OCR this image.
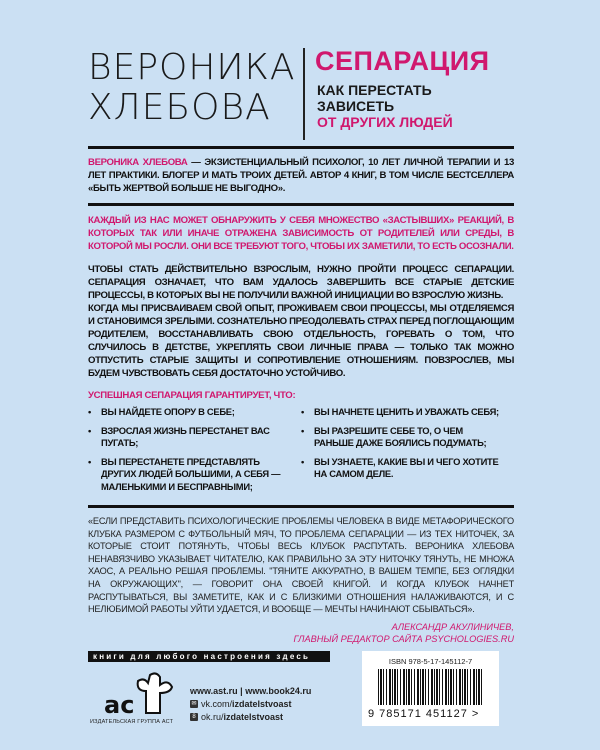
ВЕРОНИКА
ХЛЕБОВА
СЕПАРАЦИЯ
КАК ПЕРЕСТАТЬ
ЗАВИСЕТЬ
ОТ ДРУГИХ ЛЮДЕЙ
ВЕРОНИКА ХЛЕБОВА — ЭКЗИСТЕНЦИАЛЬНЫЙ ПСИХОЛОГ, 10 ЛЕТ ЛИЧНОЙ ТЕРАПИИ И 13 ЛЕТ ПРАКТИКИ. БЛОГЕР И МАТЬ ТРОИХ ДЕТЕЙ. АВТОР 4 КНИГ, В ТОМ ЧИСЛЕ БЕСТСЕЛЛЕРА «БЫТЬ ЖЕРТВОЙ БОЛЬШЕ НЕ ВЫГОДНО».
КАЖДЫЙ ИЗ НАС МОЖЕТ ОБНАРУЖИТЬ У СЕБЯ МНОЖЕСТВО «ЗАСТЫВШИХ» РЕАКЦИЙ, В КОТОРЫХ ТАК ИЛИ ИНАЧЕ ОТРАЖЕНА ЗАВИСИМОСТЬ ОТ РОДИТЕЛЕЙ ИЛИ СРЕДЫ, В КОТОРОЙ МЫ РОСЛИ. ОНИ ВСЕ ТРЕБУЮТ ТОГО, ЧТОБЫ ИХ ЗАМЕТИЛИ, ТО ЕСТЬ ОСОЗНАЛИ.
ЧТОБЫ СТАТЬ ДЕЙСТВИТЕЛЬНО ВЗРОСЛЫМ, НУЖНО ПРОЙТИ ПРОЦЕСС СЕПАРАЦИИ. СЕПАРАЦИЯ ОЗНАЧАЕТ, ЧТО ВАМ УДАЛОСЬ ЗАВЕРШИТЬ ВСЕ СТАРЫЕ ДЕТСКИЕ ПРОЦЕССЫ, В КОТОРЫХ ВЫ НЕ ПОЛУЧИЛИ ВАЖНОЙ ИНИЦИАЦИИ ВО ВЗРОСЛУЮ ЖИЗНЬ.
КОГДА МЫ ПРИСВАИВАЕМ СВОЙ ОПЫТ, ПРОЖИВАЕМ СВОИ ПРОЦЕССЫ, МЫ ОТДЕЛЯЕМСЯ И СТАНОВИМСЯ ЗРЕЛЫМИ. СОЗНАТЕЛЬНО ПРЕОДОЛЕВАТЬ СТРАХ ПЕРЕД ПОГЛОЩАЮЩИМ РОДИТЕЛЕМ, ВОССТАНАВЛИВАТЬ СВОЮ ОТДЕЛЬНОСТЬ, ГОРЕВАТЬ О ТОМ, ЧТО СЛУЧИЛОСЬ В ДЕТСТВЕ, УКРЕПЛЯТЬ СВОИ ЛИЧНЫЕ ПРАВА — ТОЛЬКО ТАК МОЖНО ОТПУСТИТЬ СТАРЫЕ ЗАЩИТЫ И СОПРОТИВЛЕНИЕ ОТНОШЕНИЯМ. ПОВЗРОСЛЕВ, МЫ БУДЕМ ЧУВСТВОВАТЬ СЕБЯ ДОСТАТОЧНО УСТОЙЧИВО.
УСПЕШНАЯ СЕПАРАЦИЯ ГАРАНТИРУЕТ, ЧТО:
• ВЫ НАЙДЕТЕ ОПОРУ В СЕБЕ;
• ВЗРОСЛАЯ ЖИЗНЬ ПЕРЕСТАНЕТ ВАС ПУГАТЬ;
• ВЫ ПЕРЕСТАНЕТЕ ПРЕДСТАВЛЯТЬ ДРУГИХ ЛЮДЕЙ БОЛЬШИМИ, А СЕБЯ — МАЛЕНЬКИМИ И БЕСПРАВНЫМИ;
• ВЫ НАЧНЕТЕ ЦЕНИТЬ И УВАЖАТЬ СЕБЯ;
• ВЫ РАЗРЕШИТЕ СЕБЕ ТО, О ЧЕМ РАНЬШЕ ДАЖЕ БОЯЛИСЬ ПОДУМАТЬ;
• ВЫ УЗНАЕТЕ, КАКИЕ ВЫ И ЧЕГО ХОТИТЕ НА САМОМ ДЕЛЕ.
«ЕСЛИ ПРЕДСТАВИТЬ ПСИХОЛОГИЧЕСКИЕ ПРОБЛЕМЫ ЧЕЛОВЕКА В ВИДЕ МЕТАФОРИЧЕСКОГО КЛУБКА РАЗМЕРОМ С ФУТБОЛЬНЫЙ МЯЧ, ТО ПРОБЛЕМА СЕПАРАЦИИ — ИЗ ТЕХ НИТОЧЕК, ЗА КОТОРЫЕ СТОИТ ПОТЯНУТЬ, ЧТОБЫ ВЕСЬ КЛУБОК РАСПУТАТЬ. ВЕРОНИКА ХЛЕБОВА НЕНАВЯЗЧИВО УКАЗЫВАЕТ ЧИТАТЕЛЮ, КАК ПРАВИЛЬНО ЗА ЭТУ НИТОЧКУ ТЯНУТЬ, НЕ МНОЖА ХАОС, А РЕАЛЬНО РЕШАЯ ПРОБЛЕМЫ. "ТЯНИТЕ АККУРАТНО, В ВАШЕМ ТЕМПЕ, БЕЗ ОГЛЯДКИ НА ОКРУЖАЮЩИХ", — ГОВОРИТ ОНА СВОЕЙ КНИГОЙ. И КОГДА КЛУБОК НАЧНЕТ РАСПУТЫВАТЬСЯ, ВЫ ЗАМЕТИТЕ, КАК И С БЛИЗКИМИ ОТНОШЕНИЯ НАЛАЖИВАЮТСЯ, И С НЕЛЮБИМОЙ РАБОТЫ УЙТИ УДАЕТСЯ, И ВООБЩЕ — МЕЧТЫ НАЧИНАЮТ СБЫВАТЬСЯ».
АЛЕКСАНДР АКУЛИНИЧЕВ,
ГЛАВНЫЙ РЕДАКТОР САЙТА PSYCHOLOGIES.RU
книги для любого настроения здесь
ас
ИЗДАТЕЛЬСКАЯ ГРУППА АСТ
www.ast.ru | www.book24.ru
✉ vk.com/izdatelstvoast
8 ok.ru/izdatelstvoast
ISBN 978-5-17-145112-7
9 785171 451127 >
